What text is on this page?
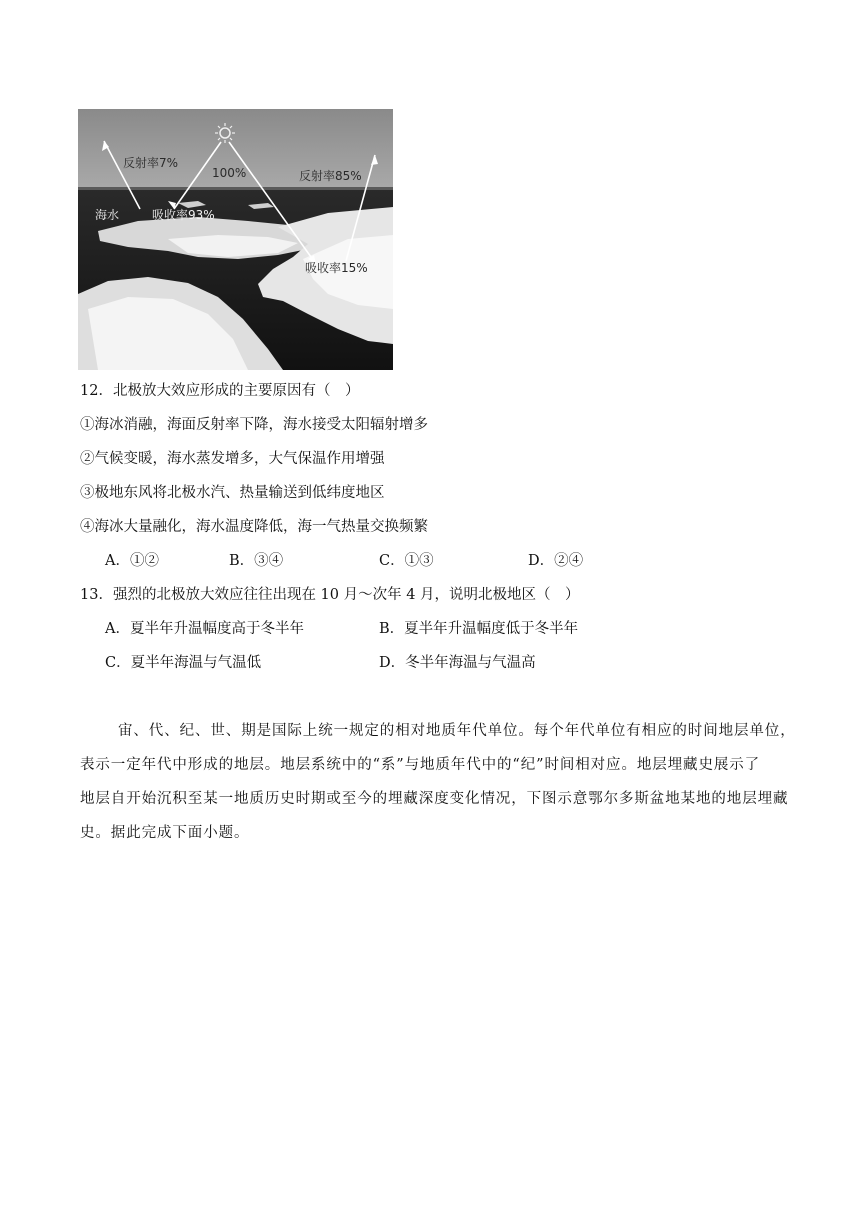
反射率7%
100%	反射率85%
海水	吸收率93%
吸收率15%
12．北极放大效应形成的主要原因有（　）
①海冰消融，海面反射率下降，海水接受太阳辐射增多
②气候变暖，海水蒸发增多，大气保温作用增强
③极地东风将北极水汽、热量输送到低纬度地区
④海冰大量融化，海水温度降低，海一气热量交换频繁
A．①②	B．③④	C．①③	D．②④
13．强烈的北极放大效应往往出现在 10 月～次年 4 月，说明北极地区（　）
A．夏半年升温幅度高于冬半年	B．夏半年升温幅度低于冬半年
C．夏半年海温与气温低	D．冬半年海温与气温高
宙、代、纪、世、期是国际上统一规定的相对地质年代单位。每个年代单位有相应的时间地层单位，
表示一定年代中形成的地层。地层系统中的“系”与地质年代中的“纪”时间相对应。地层埋藏史展示了
地层自开始沉积至某一地质历史时期或至今的埋藏深度变化情况，下图示意鄂尔多斯盆地某地的地层埋藏
史。据此完成下面小题。
